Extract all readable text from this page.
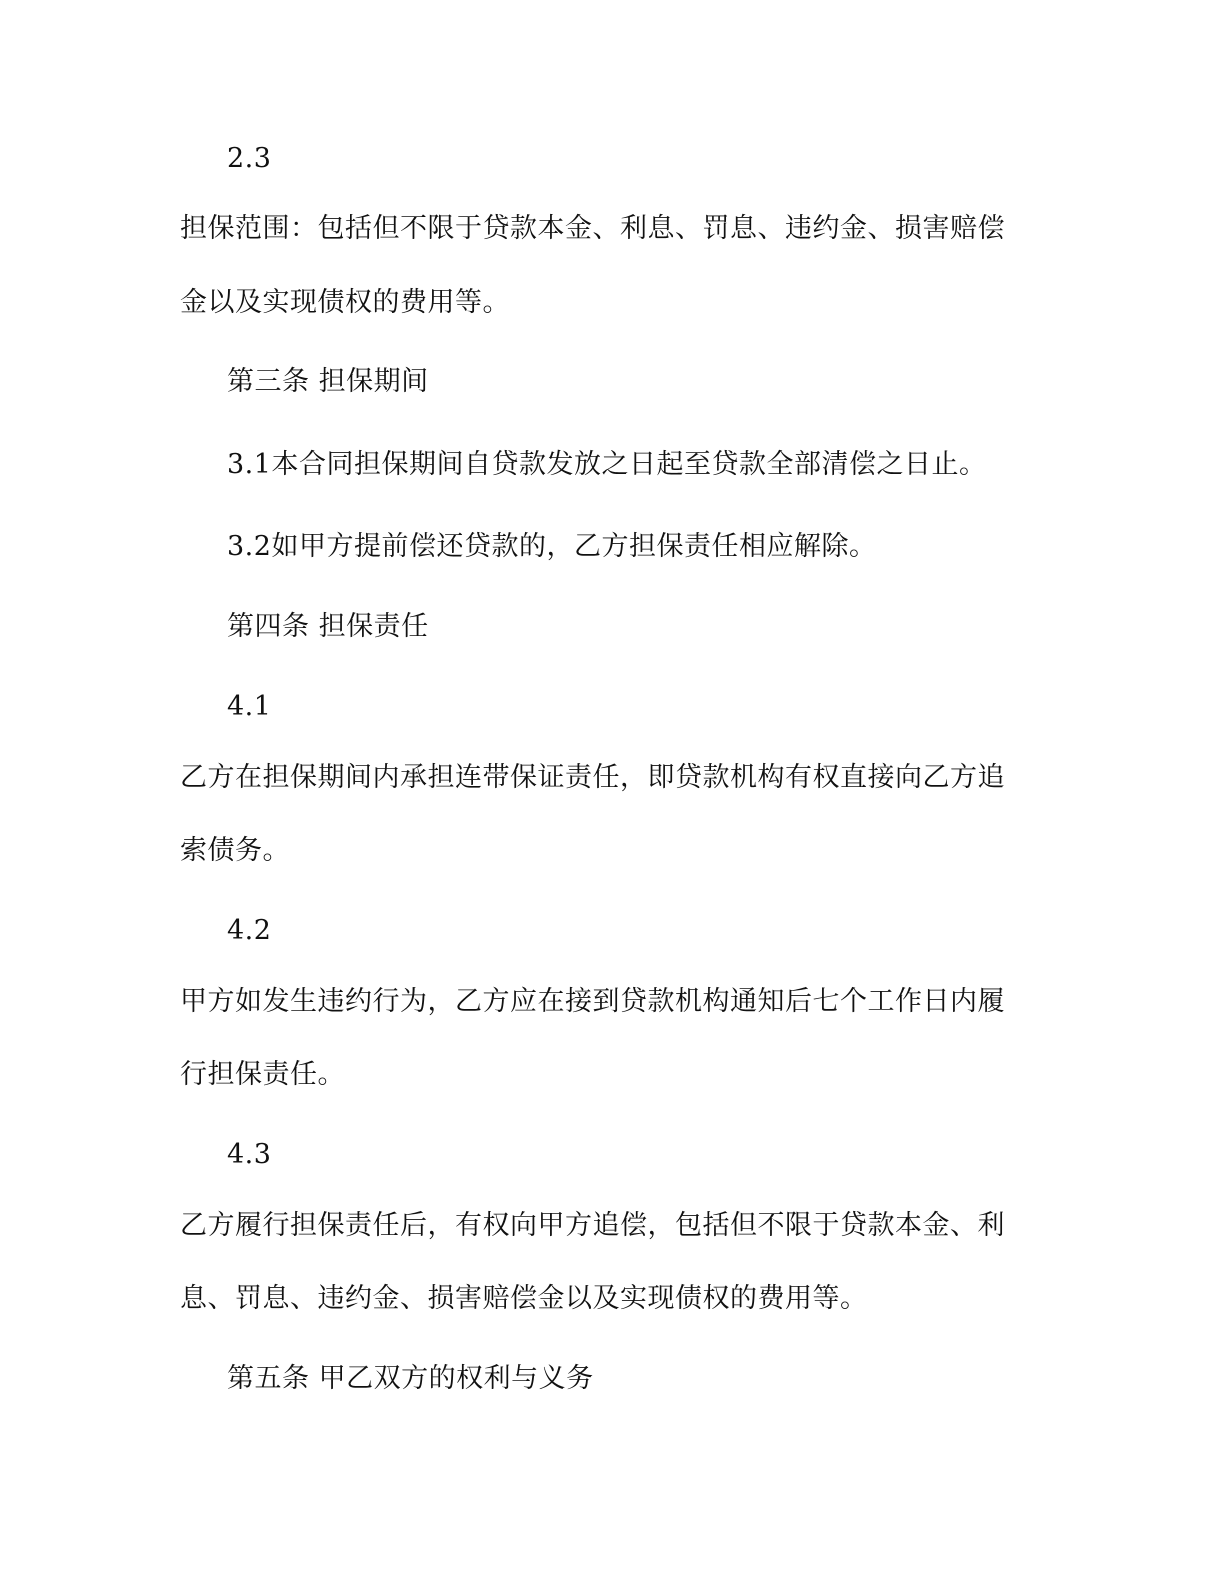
2.3
担保范围：包括但不限于贷款本金、利息、罚息、违约金、损害赔偿
金以及实现债权的费用等。
第三条 担保期间
3.1本合同担保期间自贷款发放之日起至贷款全部清偿之日止。
3.2如甲方提前偿还贷款的，乙方担保责任相应解除。
第四条 担保责任
4.1
乙方在担保期间内承担连带保证责任，即贷款机构有权直接向乙方追
索债务。
4.2
甲方如发生违约行为，乙方应在接到贷款机构通知后七个工作日内履
行担保责任。
4.3
乙方履行担保责任后，有权向甲方追偿，包括但不限于贷款本金、利
息、罚息、违约金、损害赔偿金以及实现债权的费用等。
第五条 甲乙双方的权利与义务
